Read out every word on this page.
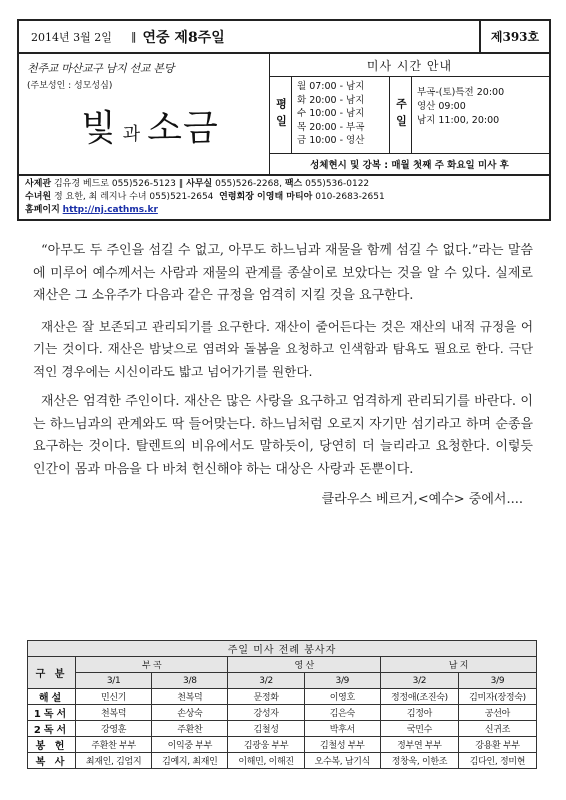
2014년 3월 2일	‖ 연중 제8주일	제393호
천주교 마산교구 남지 선교 본당
(주보성인 : 성모성심)
빛과 소금
미사 시간 안내
평일
월 07:00 - 남지
화 20:00 - 남지
수 10:00 - 남지
목 20:00 - 부곡
금 10:00 - 영산
주일
부곡-(토)특전 20:00
영산 09:00
남지 11:00, 20:00
성체현시 및 강복 : 매월 첫째 주 화요일 미사 후
사제관 김유경 베드로 055)526-5123 ‖ 사무실 055)526-2268, 팩스 055)536-0122
수녀원 정 요한, 최 레지나 수녀 055)521-2654 연령회장 이영태 마티아 010-2683-2651
홈페이지 http://nj.cathms.kr

“아무도 두 주인을 섬길 수 없고, 아무도 하느님과 재물을 함께 섬길 수 없다.”라는 말씀에 미루어 예수께서는 사람과 재물의 관계를 종살이로 보았다는 것을 알 수 있다. 실제로 재산은 그 소유주가 다음과 같은 규정을 엄격히 지킬 것을 요구한다.

재산은 잘 보존되고 관리되기를 요구한다. 재산이 줄어든다는 것은 재산의 내적 규정을 어기는 것이다. 재산은 밤낮으로 염려와 돌봄을 요청하고 인색함과 탐욕도 필요로 한다. 극단적인 경우에는 시신이라도 밟고 넘어가기를 원한다.

재산은 엄격한 주인이다. 재산은 많은 사랑을 요구하고 엄격하게 관리되기를 바란다. 이는 하느님과의 관계와도 딱 들어맞는다. 하느님처럼 오로지 자기만 섬기라고 하며 순종을 요구하는 것이다. 탈렌트의 비유에서도 말하듯이, 당연히 더 늘리라고 요청한다. 이렇듯 인간이 몸과 마음을 다 바쳐 헌신해야 하는 대상은 사랑과 돈뿐이다.

클라우스 베르거,<예수> 중에서....
주일 미사 전례 봉사자						
구 분	부 곡		영 산		남 지	
	3/1	3/8	3/2	3/9	3/2	3/9
해설	민신기	천복덕	문정화	이영호	정정애(조진숙)	김미자(장정숙)
1독서	천복덕	손상숙	강성자	김은숙	김정아	공선아
2독서	강영훈	주환찬	김철성	박후서	국민수	신귀조
봉 헌	주환찬 부부	이익중 부부	김광웅 부부	김철성 부부	정부연 부부	강용환 부부
복 사	최재인, 김엄지	김예지, 최재인	이해민, 이해진	오수복, 남기식	정창욱, 이한조	김다인, 정미현
